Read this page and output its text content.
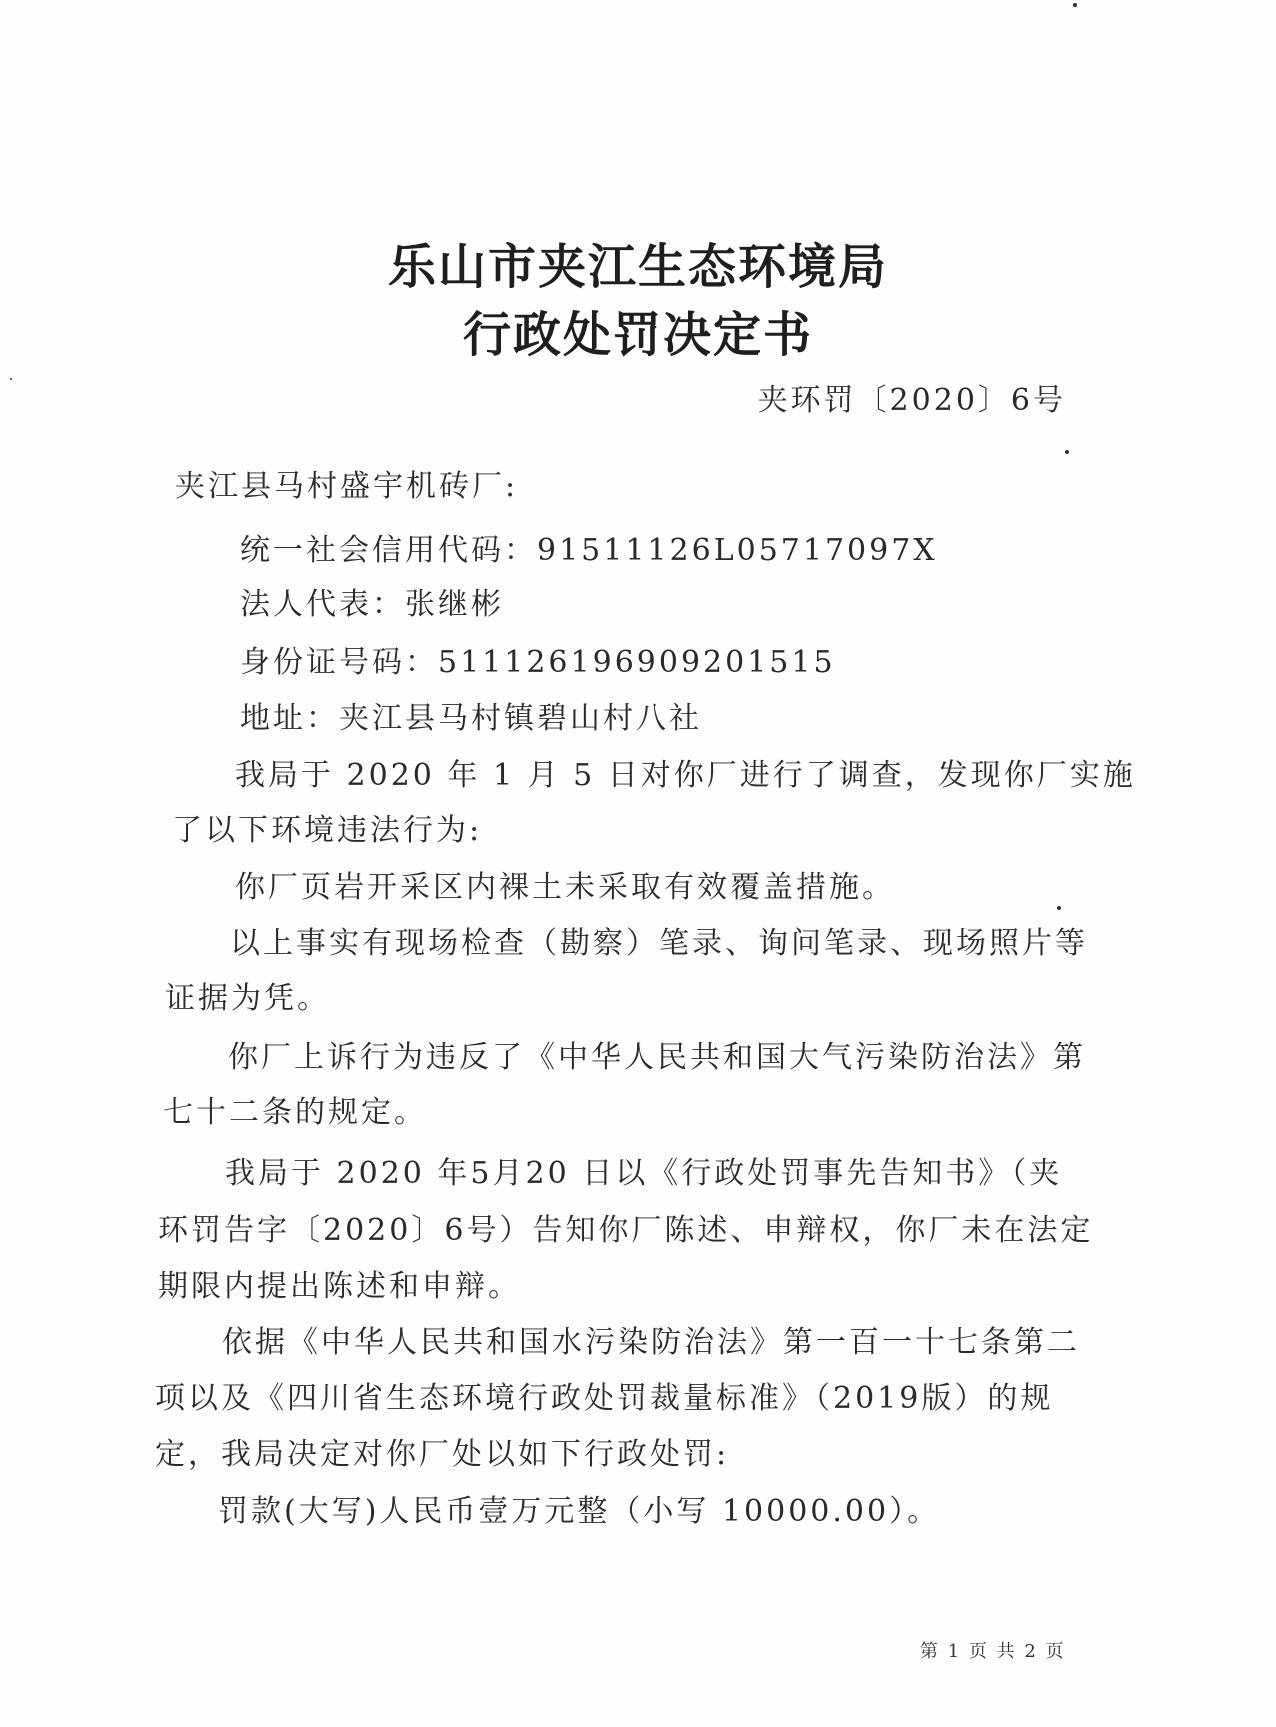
乐山市夹江生态环境局
行政处罚决定书
夹环罚〔2020〕6号
夹江县马村盛宇机砖厂:
统一社会信用代码：91511126L05717097X
法人代表：张继彬
身份证号码：511126196909201515
地址：夹江县马村镇碧山村八社
我局于 2020 年 1 月 5 日对你厂进行了调查，发现你厂实施
了以下环境违法行为:
你厂页岩开采区内裸土未采取有效覆盖措施。
以上事实有现场检查（勘察）笔录、询问笔录、现场照片等
证据为凭。
你厂上诉行为违反了《中华人民共和国大气污染防治法》第
七十二条的规定。
我局于 2020 年5月20 日以《行政处罚事先告知书》（夹
环罚告字〔2020〕6号）告知你厂陈述、申辩权，你厂未在法定
期限内提出陈述和申辩。
依据《中华人民共和国水污染防治法》第一百一十七条第二
项以及《四川省生态环境行政处罚裁量标准》（2019版）的规
定，我局决定对你厂处以如下行政处罚:
罚款(大写)人民币壹万元整（小写 10000.00）。
第 1 页 共 2 页
